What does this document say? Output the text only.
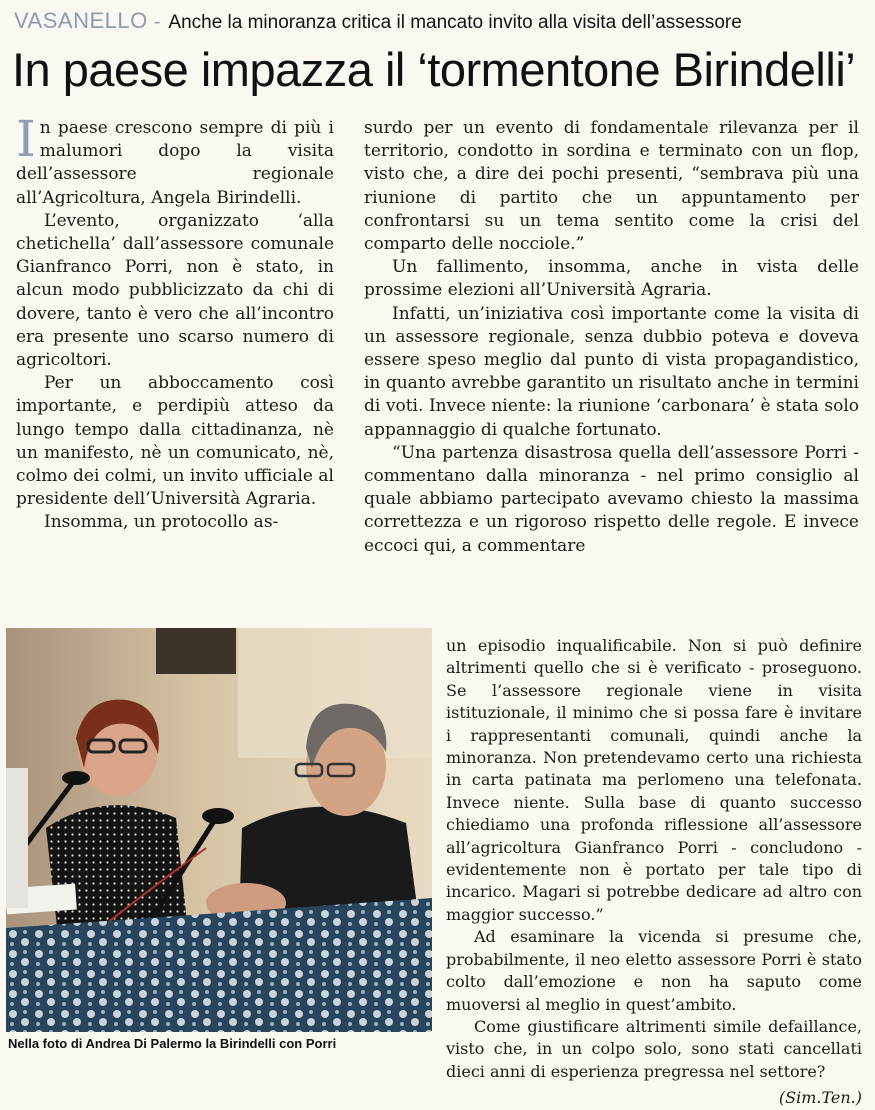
VASANELLO - Anche la minoranza critica il mancato invito alla visita dell’assessore
In paese impazza il ‘tormentone Birindelli’

In paese crescono sempre di più i malumori dopo la visita dell’assessore regionale all’Agricoltura, Angela Birindelli.

L’evento, organizzato ‘alla chetichella’ dall’assessore comunale Gianfranco Porri, non è stato, in alcun modo pubblicizzato da chi di dovere, tanto è vero che all’incontro era presente uno scarso numero di agricoltori.

Per un abboccamento così importante, e perdipiù atteso da lungo tempo dalla cittadinanza, nè un manifesto, nè un comunicato, nè, colmo dei colmi, un invito ufficiale al presidente dell’Università Agraria.

Insomma, un protocollo as-

surdo per un evento di fondamentale rilevanza per il territorio, condotto in sordina e terminato con un flop, visto che, a dire dei pochi presenti, “sembrava più una riunione di partito che un appuntamento per confrontarsi su un tema sentito come la crisi del comparto delle nocciole.”

Un fallimento, insomma, anche in vista delle prossime elezioni all’Università Agraria.

Infatti, un’iniziativa così importante come la visita di un assessore regionale, senza dubbio poteva e doveva essere speso meglio dal punto di vista propagandistico, in quanto avrebbe garantito un risultato anche in termini di voti. Invece niente: la riunione ‘carbonara’ è stata solo appannaggio di qualche fortunato.

“Una partenza disastrosa quella dell’assessore Porri - commentano dalla minoranza - nel primo consiglio al quale abbiamo partecipato avevamo chiesto la massima correttezza e un rigoroso rispetto delle regole. E invece eccoci qui, a commentare

un episodio inqualificabile. Non si può definire altrimenti quello che si è verificato - proseguono. Se l’assessore regionale viene in visita istituzionale, il minimo che si possa fare è invitare i rappresentanti comunali, quindi anche la minoranza. Non pretendevamo certo una richiesta in carta patinata ma perlomeno una telefonata. Invece niente. Sulla base di quanto successo chiediamo una profonda riflessione all’assessore all’agricoltura Gianfranco Porri - concludono - evidentemente non è portato per tale tipo di incarico. Magari si potrebbe dedicare ad altro con maggior successo.”

Ad esaminare la vicenda si presume che, probabilmente, il neo eletto assessore Porri è stato colto dall’emozione e non ha saputo come muoversi al meglio in quest’ambito.

Come giustificare altrimenti simile defaillance, visto che, in un colpo solo, sono stati cancellati dieci anni di esperienza pregressa nel settore?

(Sim.Ten.)

Nella foto di Andrea Di Palermo la Birindelli con Porri
